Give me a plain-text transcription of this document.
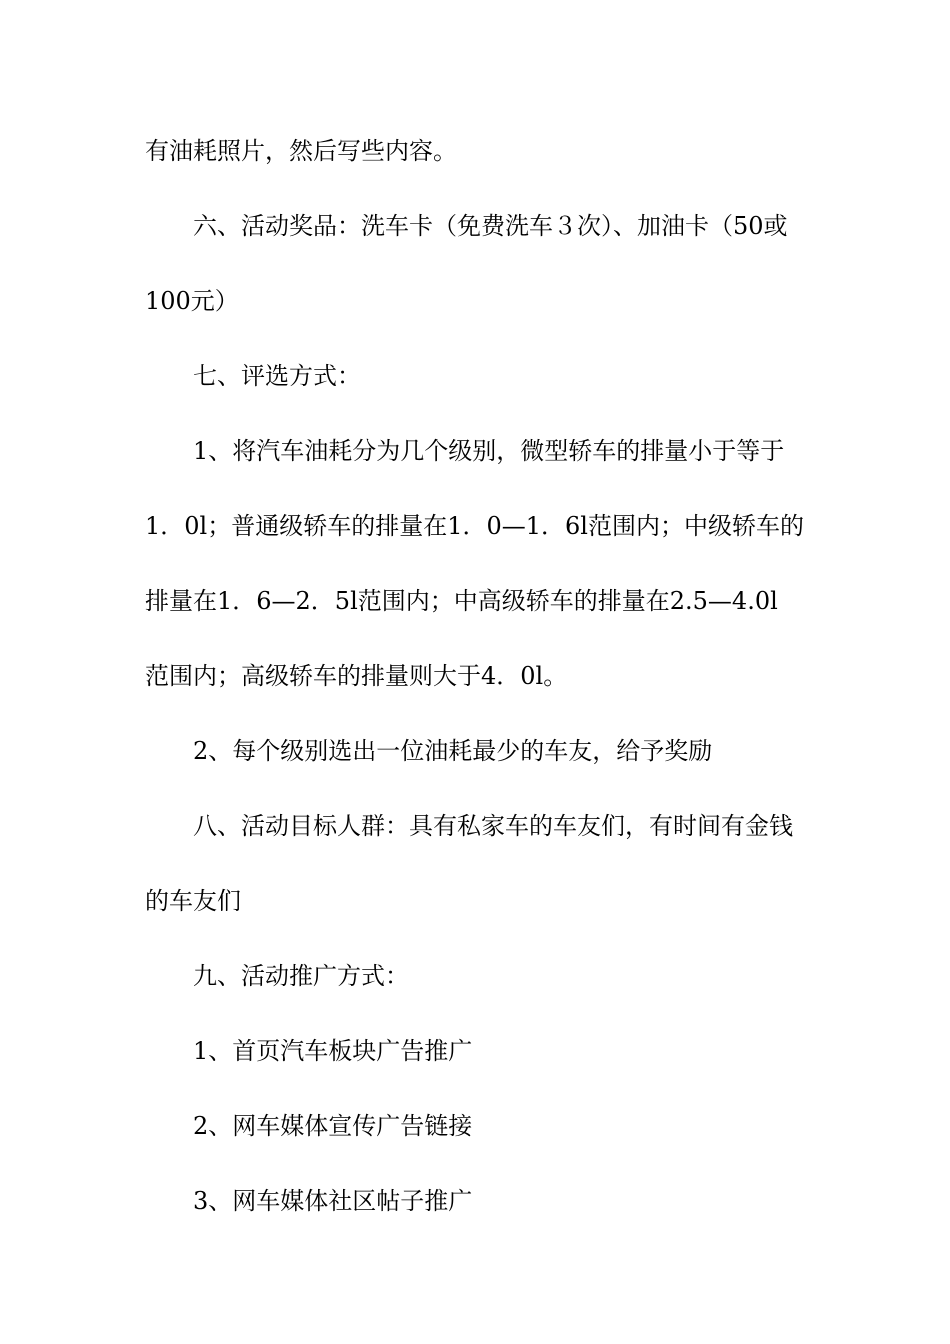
有油耗照片，然后写些内容。
六、活动奖品：洗车卡（免费洗车３次）、加油卡（50或
100元）
七、评选方式：
1、将汽车油耗分为几个级别，微型轿车的排量小于等于
1．0l；普通级轿车的排量在1．0—1．6l范围内；中级轿车的
排量在1．6—2．5l范围内；中高级轿车的排量在2.5—4.0l
范围内；高级轿车的排量则大于4．0l。
2、每个级别选出一位油耗最少的车友，给予奖励
八、活动目标人群：具有私家车的车友们，有时间有金钱
的车友们
九、活动推广方式：
1、首页汽车板块广告推广
2、网车媒体宣传广告链接
3、网车媒体社区帖子推广
